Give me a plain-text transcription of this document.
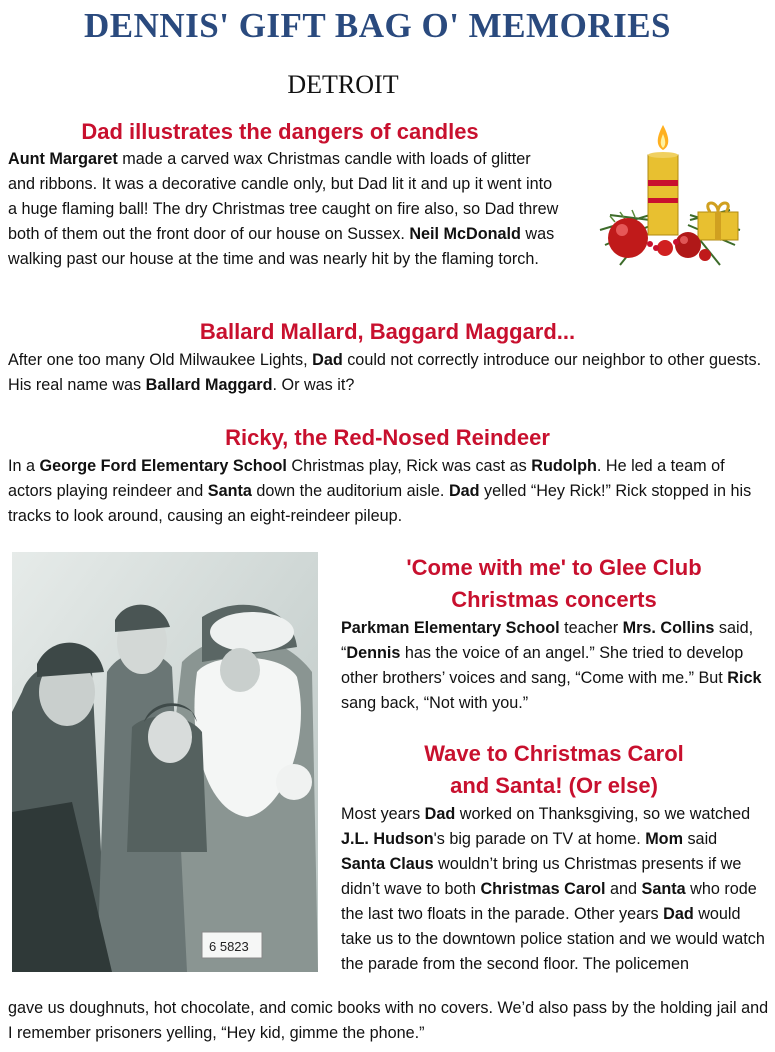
DENNIS' GIFT BAG O' MEMORIES
DETROIT
Dad illustrates the dangers of candles
Aunt Margaret made a carved wax Christmas candle with loads of glitter and ribbons. It was a decorative candle only, but Dad lit it and up it went into a huge flaming ball! The dry Christmas tree caught on fire also, so Dad threw both of them out the front door of our house on Sussex. Neil McDonald was walking past our house at the time and was nearly hit by the flaming torch.
Ballard Mallard, Baggard Maggard...
After one too many Old Milwaukee Lights, Dad could not correctly introduce our neighbor to other guests. His real name was Ballard Maggard. Or was it?
Ricky, the Red-Nosed Reindeer
In a George Ford Elementary School Christmas play, Rick was cast as Rudolph. He led a team of actors playing reindeer and Santa down the auditorium aisle. Dad yelled “Hey Rick!” Rick stopped in his tracks to look around, causing an eight-reindeer pileup.
6 5823
'Come with me' to Glee Club
Christmas concerts
Parkman Elementary School teacher Mrs. Collins said, “Dennis has the voice of an angel.” She tried to develop other brothers’ voices and sang, “Come with me.” But Rick sang back, “Not with you.”
Wave to Christmas Carol
and Santa! (Or else)
Most years Dad worked on Thanksgiving, so we watched J.L. Hudson's big parade on TV at home. Mom said Santa Claus wouldn’t bring us Christmas presents if we didn’t wave to both Christmas Carol and Santa who rode the last two floats in the parade. Other years Dad would take us to the downtown police station and we would watch the parade from the second floor. The policemen
gave us doughnuts, hot chocolate, and comic books with no covers. We’d also pass by the holding jail and I remember prisoners yelling, “Hey kid, gimme the phone.”
